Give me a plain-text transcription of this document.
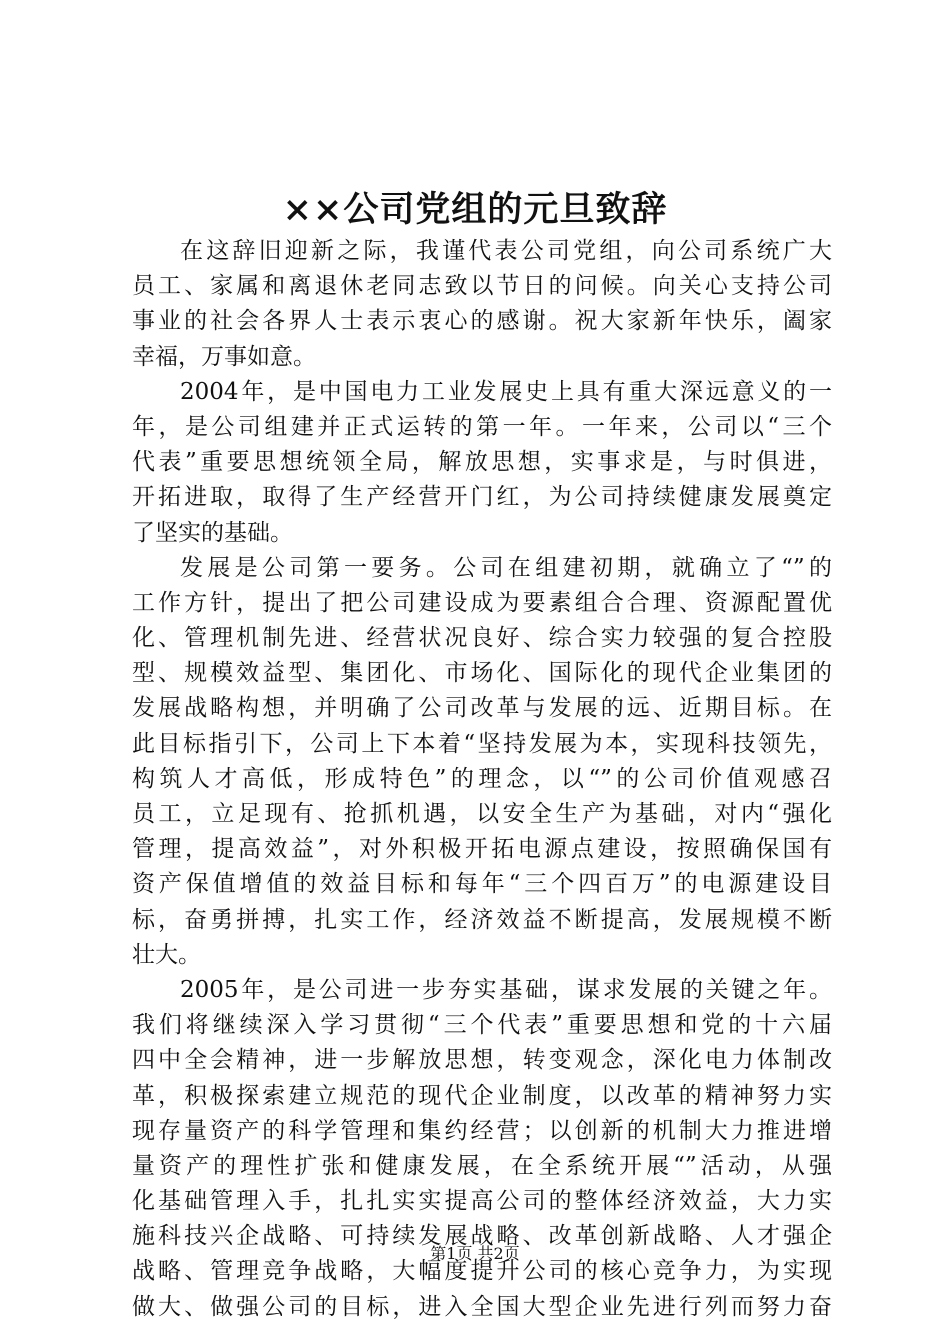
××公司党组的元旦致辞
在这辞旧迎新之际，我谨代表公司党组，向公司系统广大
员工、家属和离退休老同志致以节日的问候。向关心支持公司
事业的社会各界人士表示衷心的感谢。祝大家新年快乐，阖家
幸福，万事如意。
2004年，是中国电力工业发展史上具有重大深远意义的一
年，是公司组建并正式运转的第一年。一年来，公司以“三个
代表”重要思想统领全局，解放思想，实事求是，与时俱进，
开拓进取，取得了生产经营开门红，为公司持续健康发展奠定
了坚实的基础。
发展是公司第一要务。公司在组建初期，就确立了“”的
工作方针，提出了把公司建设成为要素组合合理、资源配置优
化、管理机制先进、经营状况良好、综合实力较强的复合控股
型、规模效益型、集团化、市场化、国际化的现代企业集团的
发展战略构想，并明确了公司改革与发展的远、近期目标。在
此目标指引下，公司上下本着“坚持发展为本，实现科技领先，
构筑人才高低，形成特色”的理念，以“”的公司价值观感召
员工，立足现有、抢抓机遇，以安全生产为基础，对内“强化
管理，提高效益”，对外积极开拓电源点建设，按照确保国有
资产保值增值的效益目标和每年“三个四百万”的电源建设目
标，奋勇拼搏，扎实工作，经济效益不断提高，发展规模不断
壮大。
2005年，是公司进一步夯实基础，谋求发展的关键之年。
我们将继续深入学习贯彻“三个代表”重要思想和党的十六届
四中全会精神，进一步解放思想，转变观念，深化电力体制改
革，积极探索建立规范的现代企业制度，以改革的精神努力实
现存量资产的科学管理和集约经营；以创新的机制大力推进增
量资产的理性扩张和健康发展，在全系统开展“”活动，从强
化基础管理入手，扎扎实实提高公司的整体经济效益，大力实
施科技兴企战略、可持续发展战略、改革创新战略、人才强企
战略、管理竞争战略，大幅度提升公司的核心竞争力，为实现
做大、做强公司的目标，进入全国大型企业先进行列而努力奋
第1页 共2页
